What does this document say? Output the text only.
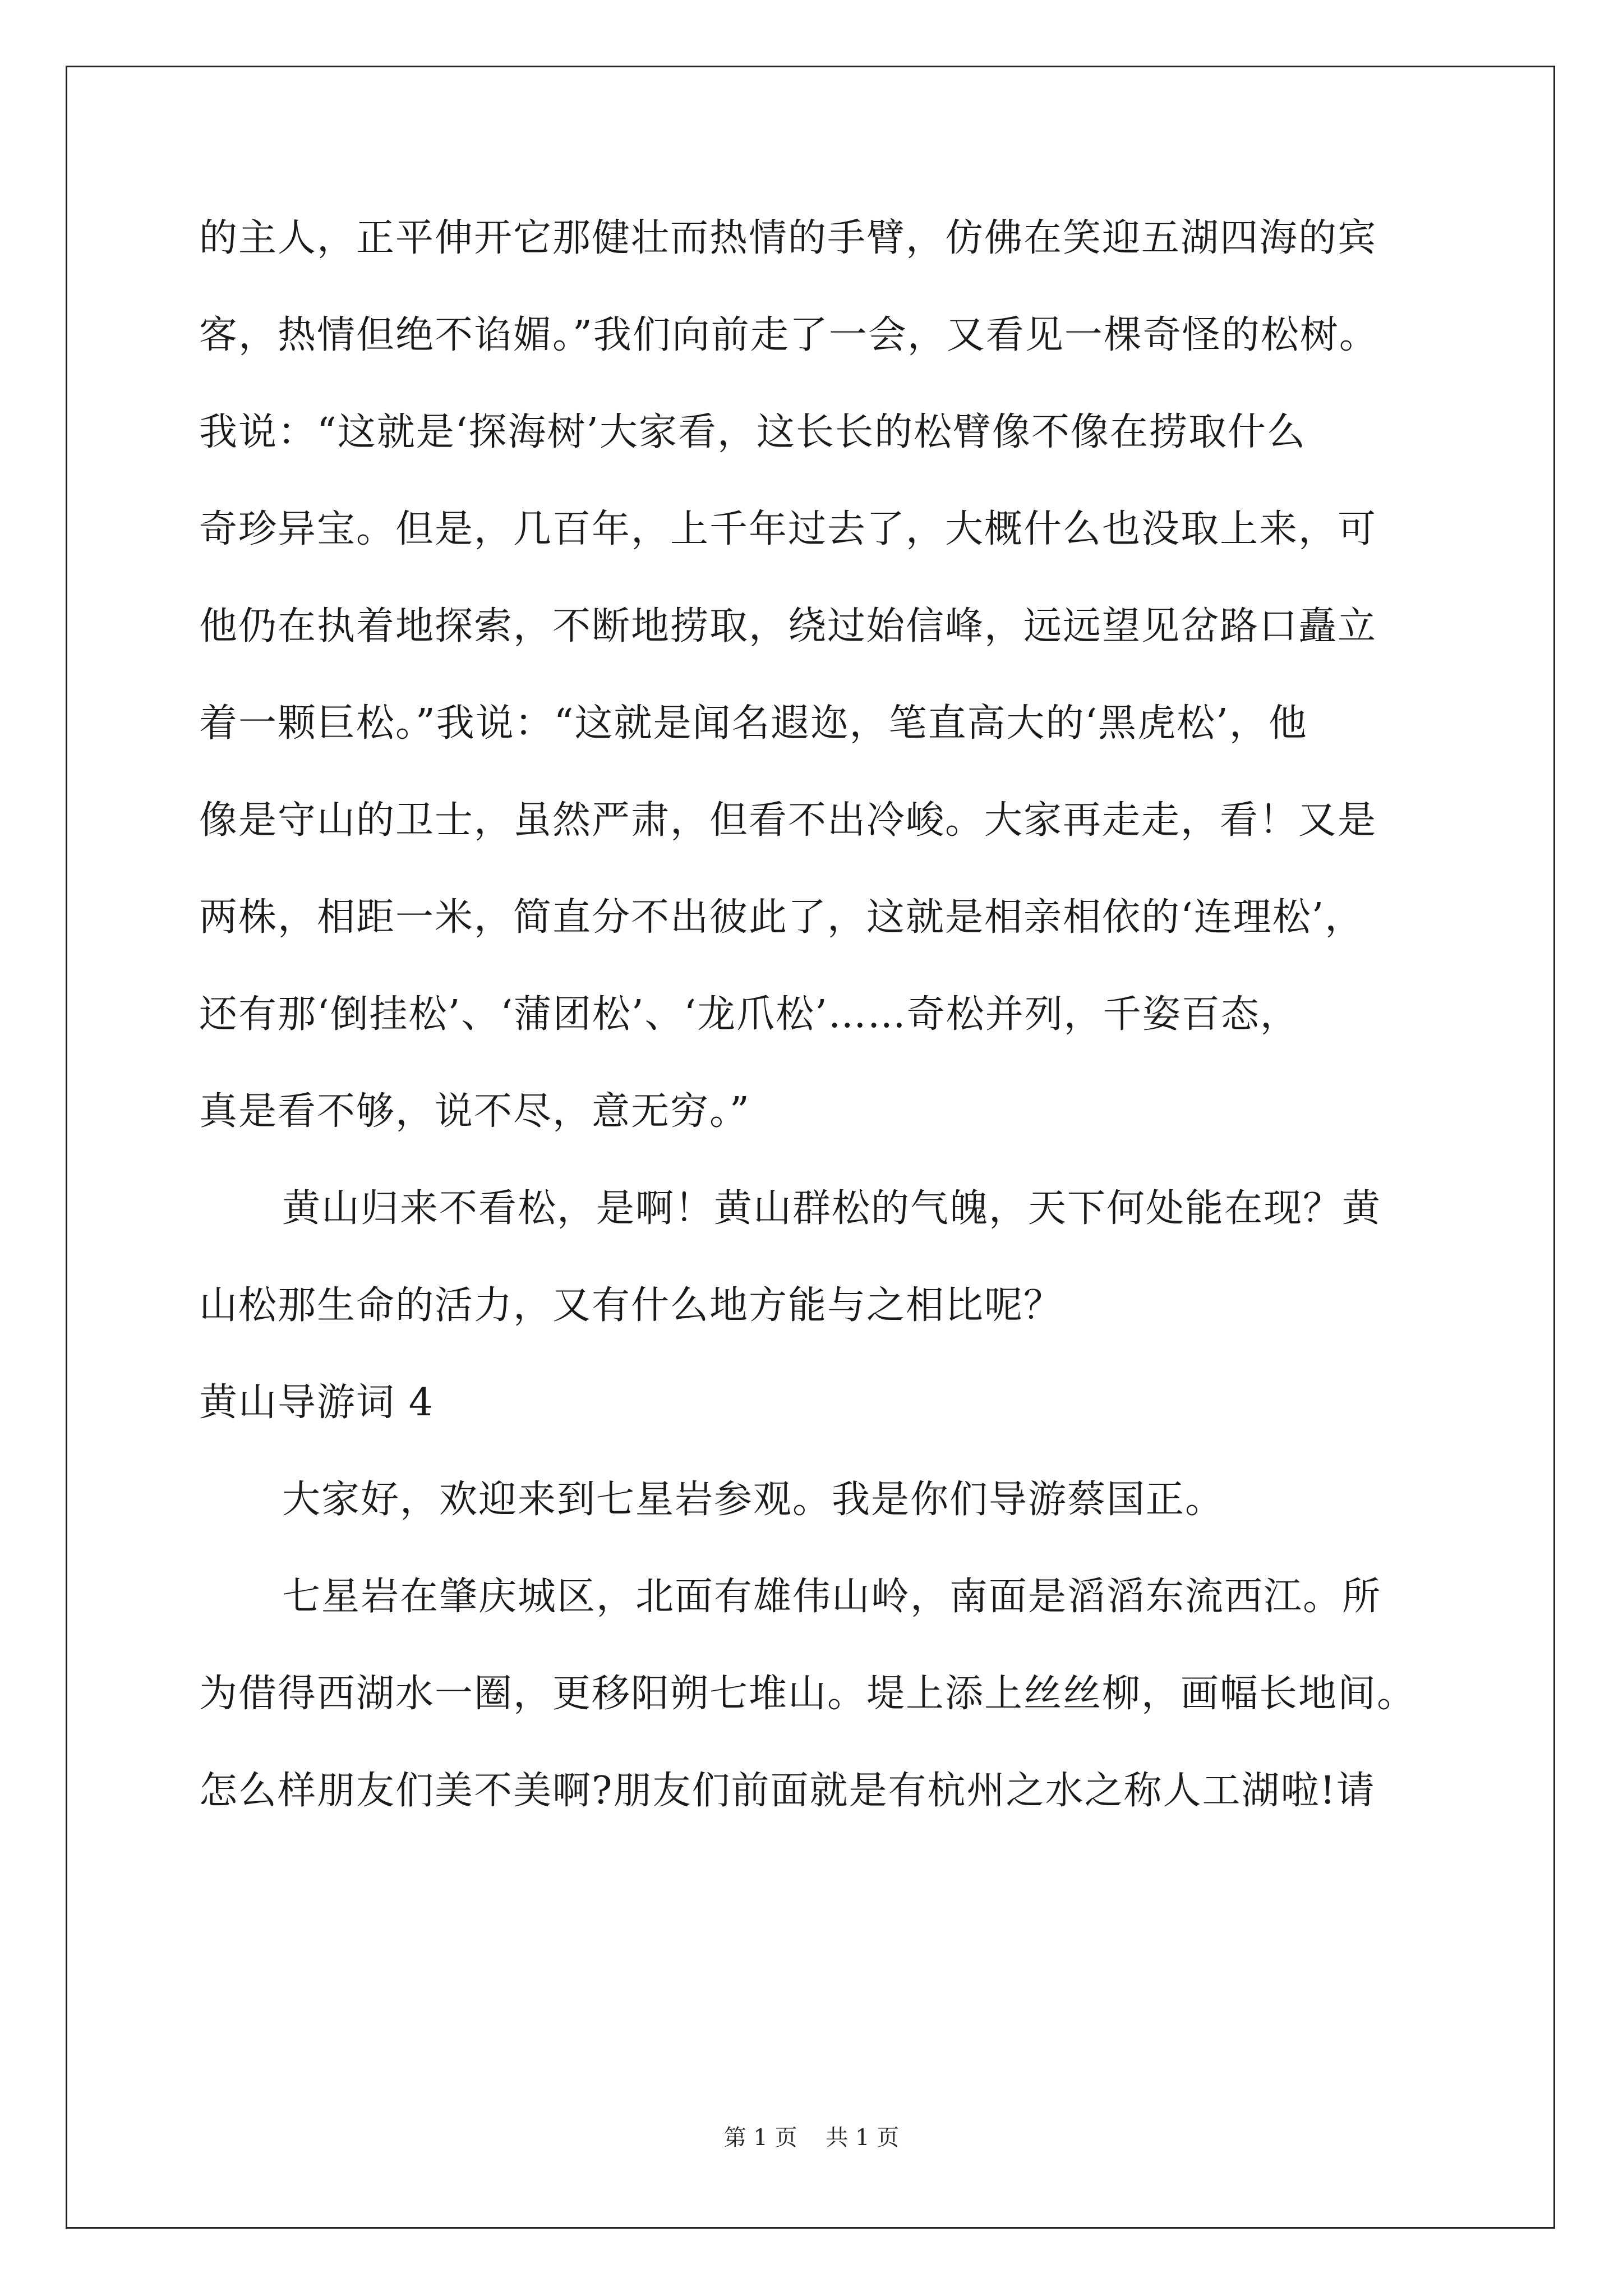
的主人，正平伸开它那健壮而热情的手臂，仿佛在笑迎五湖四海的宾
客，热情但绝不谄媚。”我们向前走了一会，又看见一棵奇怪的松树。
我说：“这就是‘探海树’大家看，这长长的松臂像不像在捞取什么
奇珍异宝。但是，几百年，上千年过去了，大概什么也没取上来，可
他仍在执着地探索，不断地捞取，绕过始信峰，远远望见岔路口矗立
着一颗巨松。”我说：“这就是闻名遐迩，笔直高大的‘黑虎松’，他
像是守山的卫士，虽然严肃，但看不出冷峻。大家再走走，看！又是
两株，相距一米，简直分不出彼此了，这就是相亲相依的‘连理松’，
还有那‘倒挂松’、‘蒲团松’、‘龙爪松’……奇松并列，千姿百态，
真是看不够，说不尽，意无穷。”
黄山归来不看松，是啊！黄山群松的气魄，天下何处能在现？黄
山松那生命的活力，又有什么地方能与之相比呢？
黄山导游词 4
大家好，欢迎来到七星岩参观。我是你们导游蔡国正。
七星岩在肇庆城区，北面有雄伟山岭，南面是滔滔东流西江。所
为借得西湖水一圈，更移阳朔七堆山。堤上添上丝丝柳，画幅长地间。
怎么样朋友们美不美啊?朋友们前面就是有杭州之水之称人工湖啦!请
第 1 页    共 1 页
